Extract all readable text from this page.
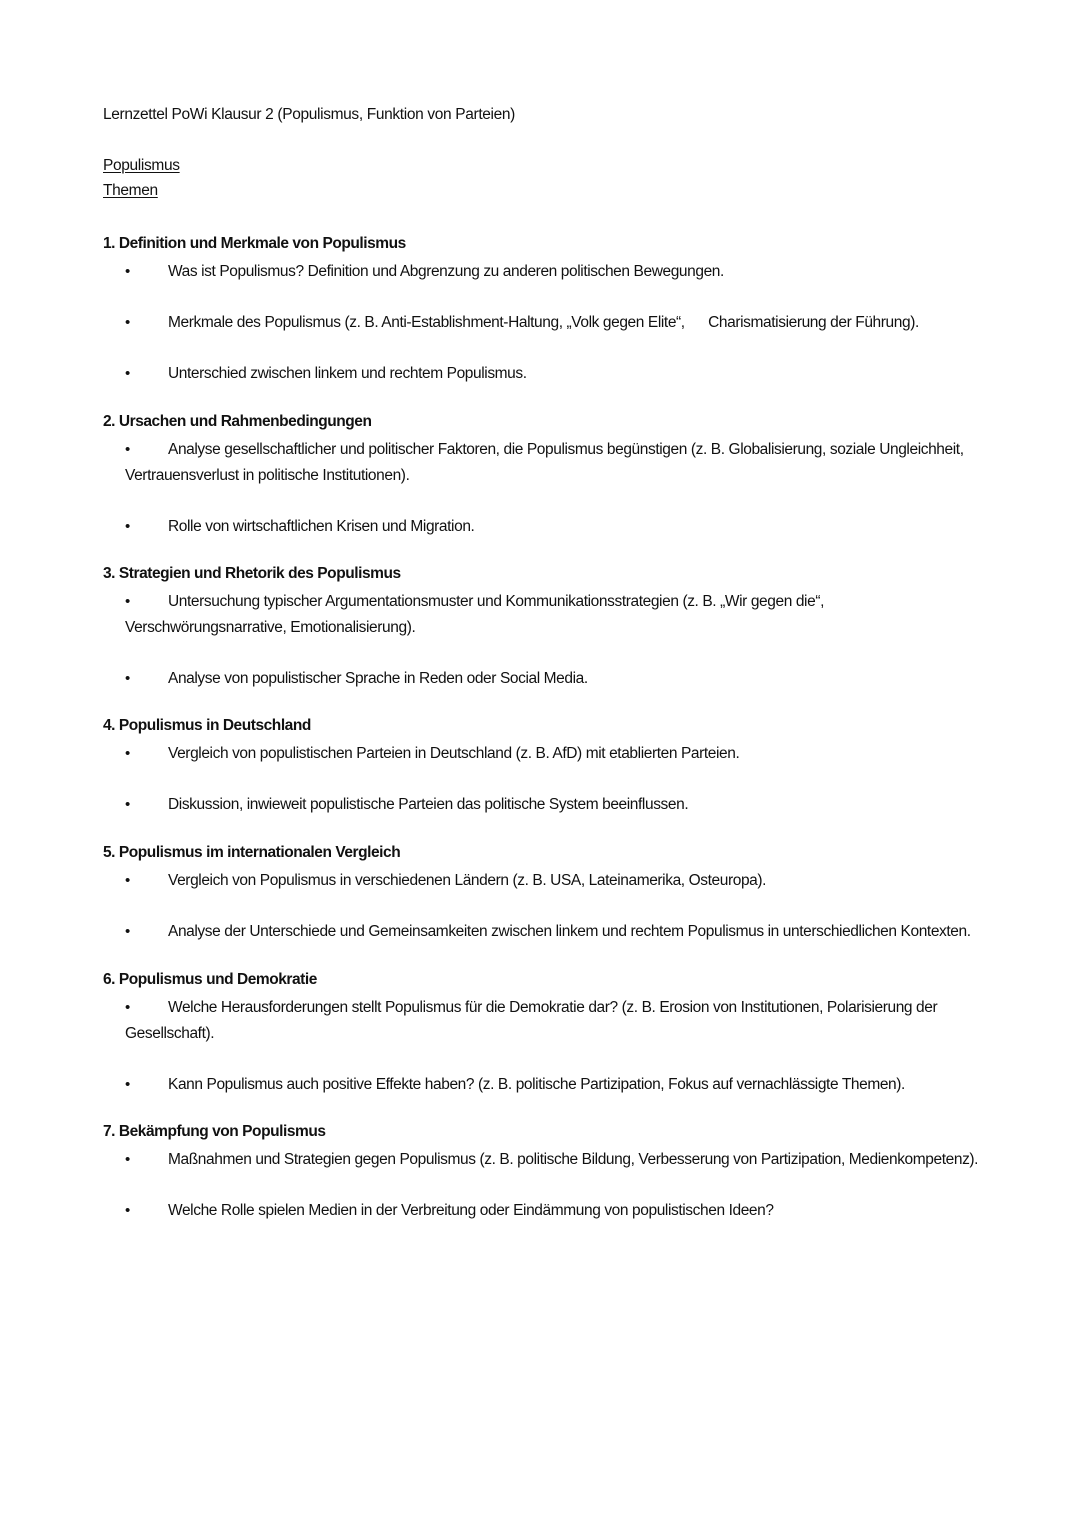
Lernzettel PoWi Klausur 2 (Populismus, Funktion von Parteien)
Populismus
Themen
1. Definition und Merkmale von Populismus
•	Was ist Populismus? Definition und Abgrenzung zu anderen politischen Bewegungen.
•	Merkmale des Populismus (z. B. Anti-Establishment-Haltung, „Volk gegen Elite“,      Charismatisierung der Führung).
•	Unterschied zwischen linkem und rechtem Populismus.
2. Ursachen und Rahmenbedingungen
•	Analyse gesellschaftlicher und politischer Faktoren, die Populismus begünstigen (z. B. Globalisierung, soziale Ungleichheit, Vertrauensverlust in politische Institutionen).
•	Rolle von wirtschaftlichen Krisen und Migration.
3. Strategien und Rhetorik des Populismus
•	Untersuchung typischer Argumentationsmuster und Kommunikationsstrategien (z. B. „Wir gegen die“, Verschwörungsnarrative, Emotionalisierung).
•	Analyse von populistischer Sprache in Reden oder Social Media.
4. Populismus in Deutschland
•	Vergleich von populistischen Parteien in Deutschland (z. B. AfD) mit etablierten Parteien.
•	Diskussion, inwieweit populistische Parteien das politische System beeinflussen.
5. Populismus im internationalen Vergleich
•	Vergleich von Populismus in verschiedenen Ländern (z. B. USA, Lateinamerika, Osteuropa).
•	Analyse der Unterschiede und Gemeinsamkeiten zwischen linkem und rechtem Populismus in unterschiedlichen Kontexten.
6. Populismus und Demokratie
•	Welche Herausforderungen stellt Populismus für die Demokratie dar? (z. B. Erosion von Institutionen, Polarisierung der Gesellschaft).
•	Kann Populismus auch positive Effekte haben? (z. B. politische Partizipation, Fokus auf vernachlässigte Themen).
7. Bekämpfung von Populismus
•	Maßnahmen und Strategien gegen Populismus (z. B. politische Bildung, Verbesserung von Partizipation, Medienkompetenz).
•	Welche Rolle spielen Medien in der Verbreitung oder Eindämmung von populistischen Ideen?
